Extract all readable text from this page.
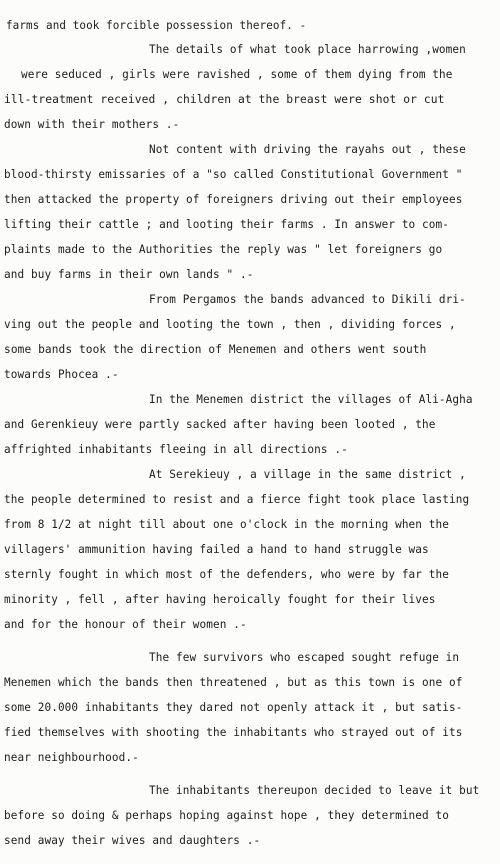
farms and took forcible possession thereof. -
The details of what took place harrowing ,women
were seduced , girls were ravished , some of them dying from the
ill-treatment received , children at the breast were shot or cut
down with their mothers .-
Not content with driving the rayahs out , these
blood-thirsty emissaries of a "so called Constitutional Government "
then attacked the property of foreigners driving out their employees
lifting their cattle ; and looting their farms . In answer to com-
plaints made to the Authorities the reply was " let foreigners go
and buy farms in their own lands " .-
From Pergamos the bands advanced to Dikili dri-
ving out the people and looting the town , then , dividing forces ,
some bands took the direction of Menemen and others went south
towards Phocea .-
In the Menemen district the villages of Ali-Agha
and Gerenkieuy were partly sacked after having been looted , the
affrighted inhabitants fleeing in all directions .-
At Serekieuy , a village in the same district ,
the people determined to resist and a fierce fight took place lasting
from 8 1/2 at night till about one o'clock in the morning when the
villagers' ammunition having failed a hand to hand struggle was
sternly fought in which most of the defenders, who were by far the
minority , fell , after having heroically fought for their lives
and for the honour of their women .-
The few survivors who escaped sought refuge in
Menemen which the bands then threatened , but as this town is one of
some 20.000 inhabitants they dared not openly attack it , but satis-
fied themselves with shooting the inhabitants who strayed out of its
near neighbourhood.-
The inhabitants thereupon decided to leave it but
before so doing & perhaps hoping against hope , they determined to
send away their wives and daughters .-
